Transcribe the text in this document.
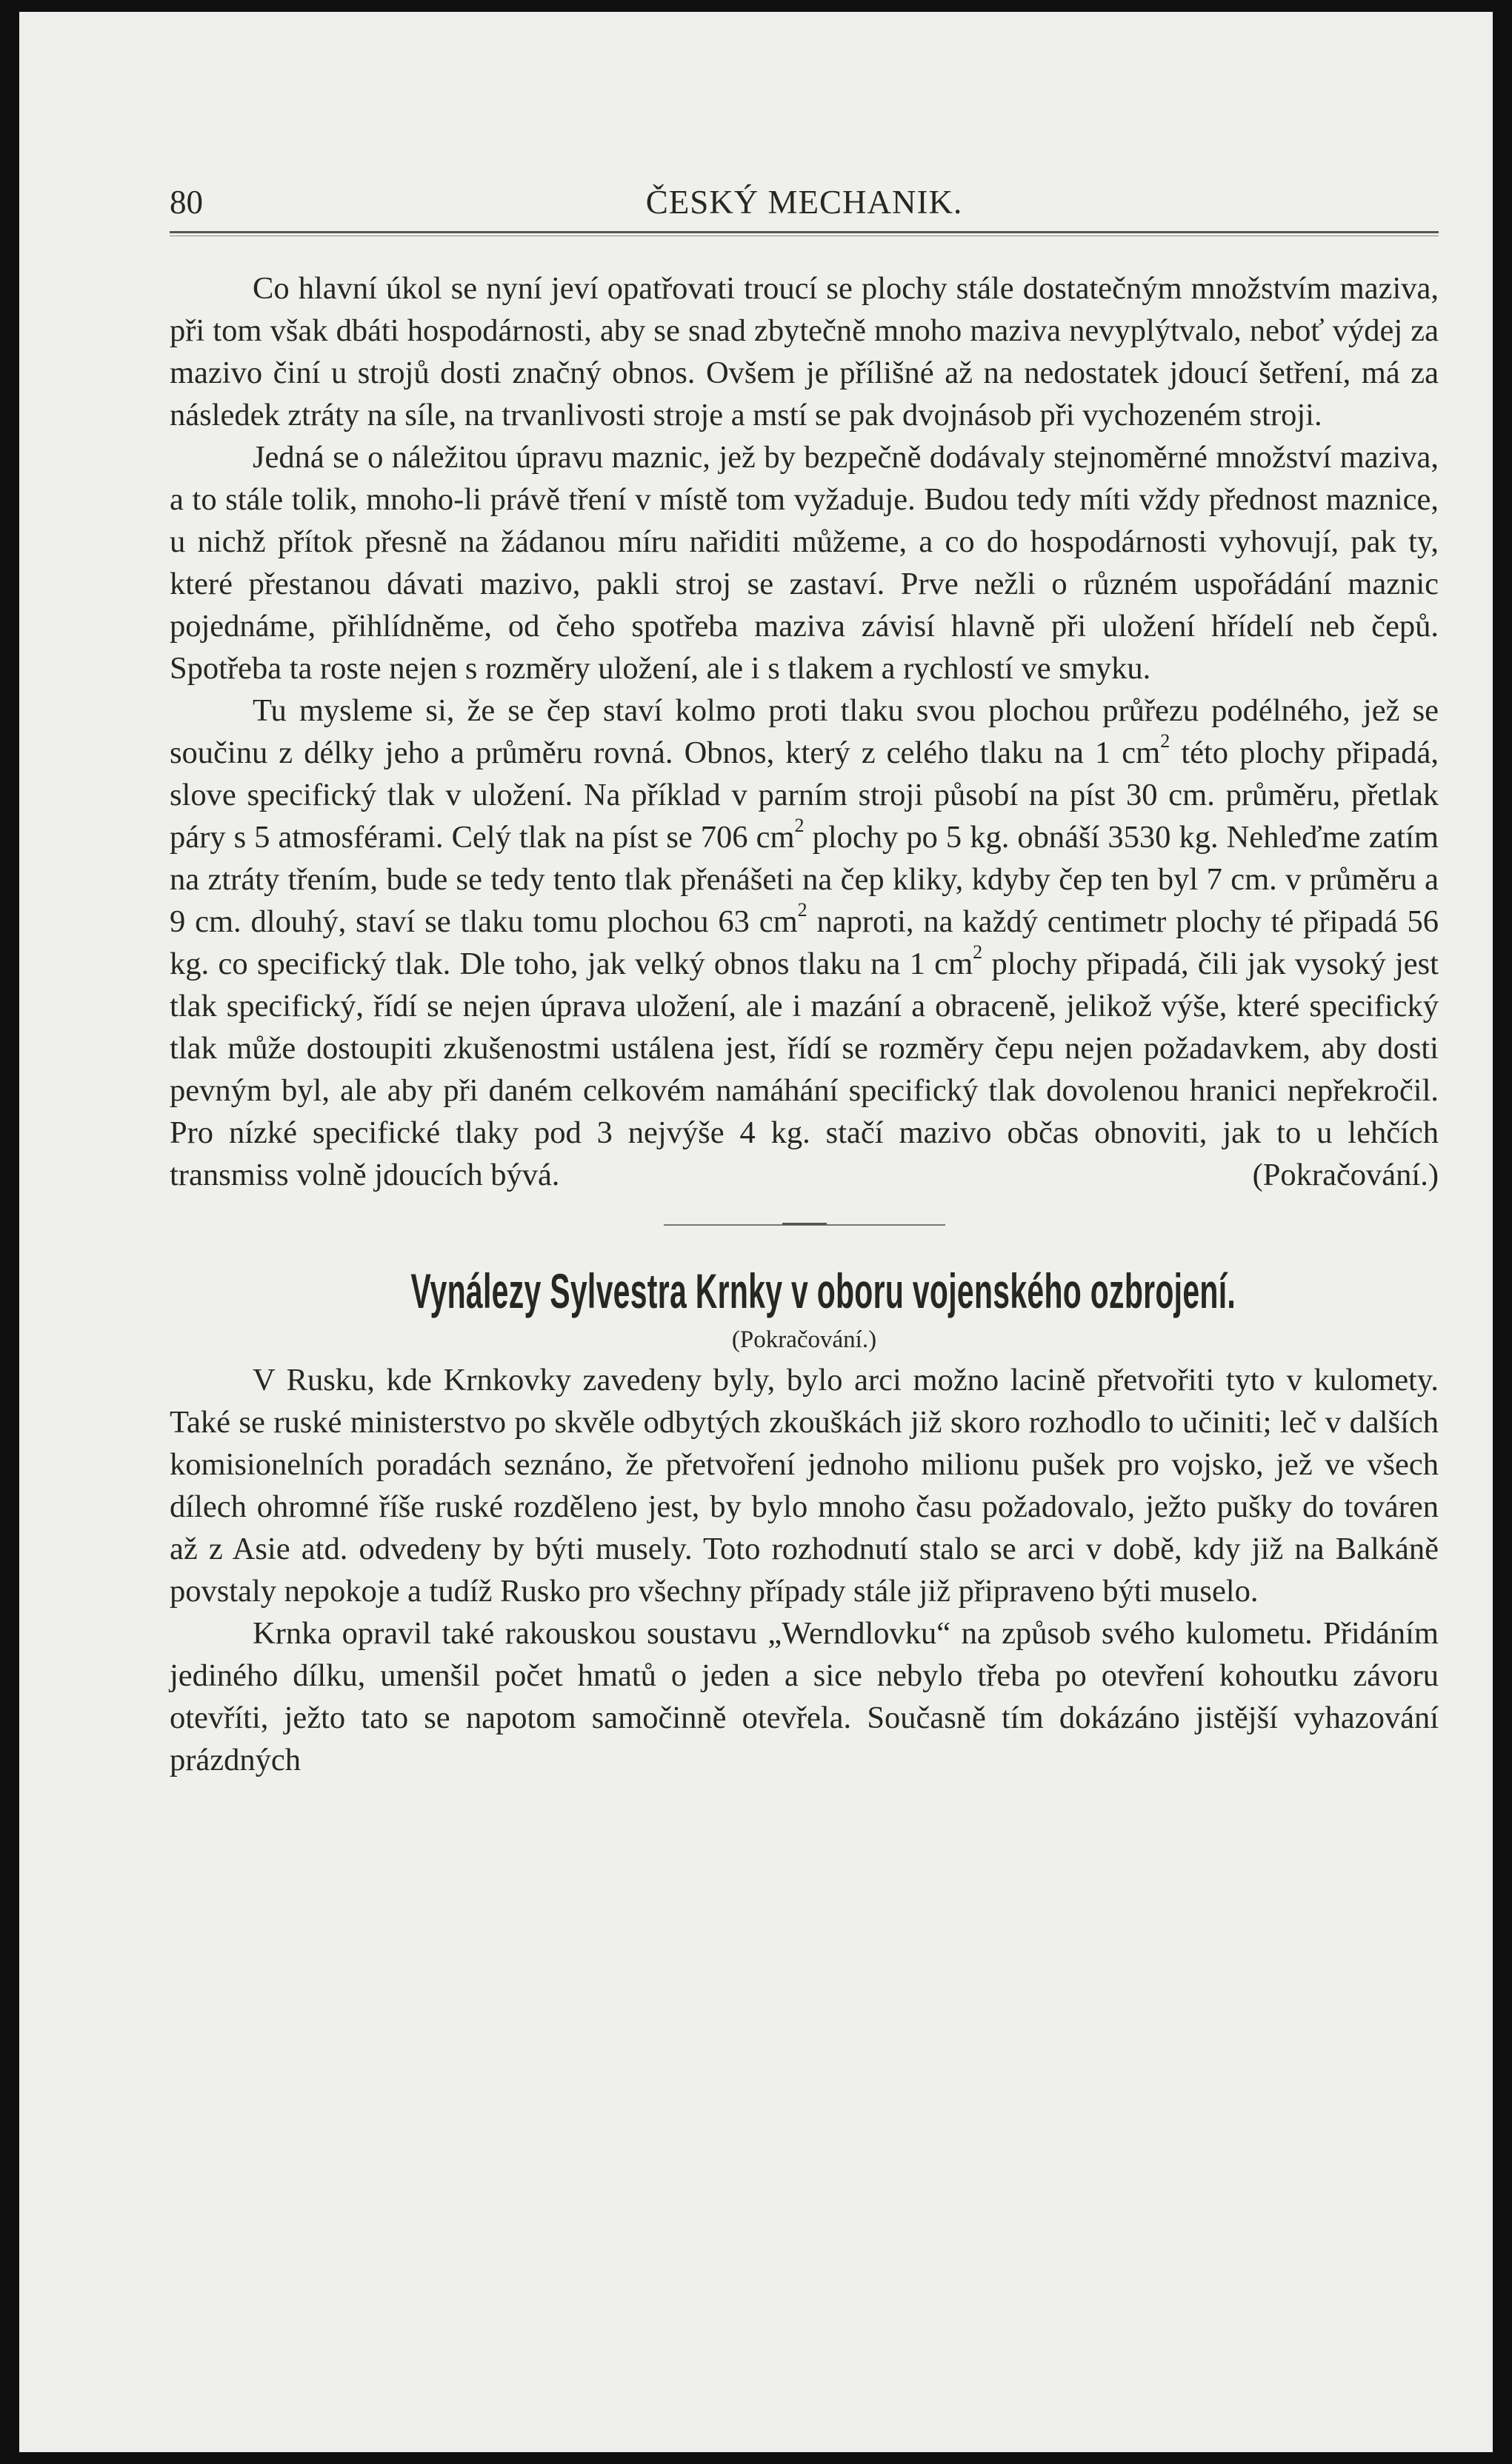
80	ČESKÝ MECHANIK.

Co hlavní úkol se nyní jeví opatřovati troucí se plochy stále dostatečným množstvím maziva, při tom však dbáti hospodárnosti, aby se snad zbytečně mnoho maziva nevyplýtvalo, neboť výdej za mazivo činí u strojů dosti značný obnos. Ovšem je přílišné až na nedostatek jdoucí šetření, má za následek ztráty na síle, na trvanlivosti stroje a mstí se pak dvojnásob při vychozeném stroji.

Jedná se o náležitou úpravu maznic, jež by bezpečně dodávaly stejnoměrné množství maziva, a to stále tolik, mnoho-li právě tření v místě tom vyžaduje. Budou tedy míti vždy přednost maznice, u nichž přítok přesně na žádanou míru nařiditi můžeme, a co do hospodárnosti vyhovují, pak ty, které přestanou dávati mazivo, pakli stroj se zastaví. Prve nežli o různém uspořádání maznic pojednáme, přihlídněme, od čeho spotřeba maziva závisí hlavně při uložení hřídelí neb čepů. Spotřeba ta roste nejen s rozměry uložení, ale i s tlakem a rychlostí ve smyku.

Tu mysleme si, že se čep staví kolmo proti tlaku svou plochou průřezu podélného, jež se součinu z délky jeho a průměru rovná. Obnos, který z celého tlaku na 1 $cm^2$ této plochy připadá, slove specifický tlak v uložení. Na příklad v parním stroji působí na píst 30 cm. průměru, přetlak páry s 5 atmosférami. Celý tlak na píst se 706 $cm^2$ plochy po 5 kg. obnáší 3530 kg. Nehleďme zatím na ztráty třením, bude se tedy tento tlak přenášeti na čep kliky, kdyby čep ten byl 7 cm. v průměru a 9 cm. dlouhý, staví se tlaku tomu plochou 63 $cm^2$ naproti, na každý centimetr plochy té připadá 56 kg. co specifický tlak. Dle toho, jak velký obnos tlaku na 1 $cm^2$ plochy připadá, čili jak vysoký jest tlak specifický, řídí se nejen úprava uložení, ale i mazání a obraceně, jelikož výše, které specifický tlak může dostoupiti zkušenostmi ustálena jest, řídí se rozměry čepu nejen požadavkem, aby dosti pevným byl, ale aby při daném celkovém namáhání specifický tlak dovolenou hranici nepřekročil. Pro nízké specifické tlaky pod 3 nejvýše 4 kg. stačí mazivo občas obnoviti, jak to u lehčích transmiss volně jdoucích bývá.	(Pokračování.)

Vynálezy Sylvestra Krnky v oboru vojenského ozbrojení.
(Pokračování.)

V Rusku, kde Krnkovky zavedeny byly, bylo arci možno lacině přetvořiti tyto v kulomety. Také se ruské ministerstvo po skvěle odbytých zkouškách již skoro rozhodlo to učiniti; leč v dalších komisionelních poradách seznáno, že přetvoření jednoho milionu pušek pro vojsko, jež ve všech dílech ohromné říše ruské rozděleno jest, by bylo mnoho času požadovalo, ježto pušky do továren až z Asie atd. odvedeny by býti musely. Toto rozhodnutí stalo se arci v době, kdy již na Balkáně povstaly nepokoje a tudíž Rusko pro všechny případy stále již připraveno býti muselo.

Krnka opravil také rakouskou soustavu „Werndlovku“ na způsob svého kulometu. Přidáním jediného dílku, umenšil počet hmatů o jeden a sice nebylo třeba po otevření kohoutku závoru otevříti, ježto tato se napotom samočinně otevřela. Současně tím dokázáno jistější vyhazování prázdných
